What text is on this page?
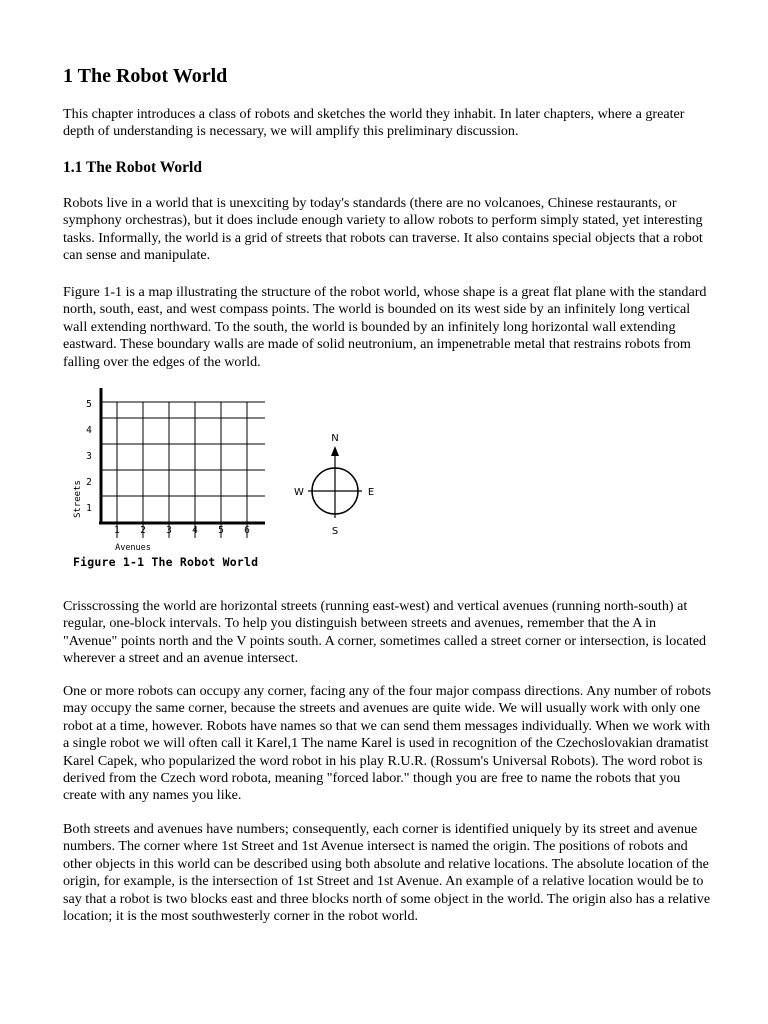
1 The Robot World

This chapter introduces a class of robots and sketches the world they inhabit. In later chapters, where a greater depth of understanding is necessary, we will amplify this preliminary discussion.

1.1 The Robot World

Robots live in a world that is unexciting by today's standards (there are no volcanoes, Chinese restaurants, or symphony orchestras), but it does include enough variety to allow robots to perform simply stated, yet interesting tasks. Informally, the world is a grid of streets that robots can traverse. It also contains special objects that a robot can sense and manipulate.

Figure 1-1 is a map illustrating the structure of the robot world, whose shape is a great flat plane with the standard north, south, east, and west compass points. The world is bounded on its west side by an infinitely long vertical wall extending northward. To the south, the world is bounded by an infinitely long horizontal wall extending eastward. These boundary walls are made of solid neutronium, an impenetrable metal that restrains robots from falling over the edges of the world.

1
2
3
4
5
1 2 3 4 5 6
Streets
Avenues
N
S
W	E
Figure 1-1 The Robot World

Crisscrossing the world are horizontal streets (running east-west) and vertical avenues (running north-south) at regular, one-block intervals. To help you distinguish between streets and avenues, remember that the A in "Avenue" points north and the V points south. A corner, sometimes called a street corner or intersection, is located wherever a street and an avenue intersect.

One or more robots can occupy any corner, facing any of the four major compass directions. Any number of robots may occupy the same corner, because the streets and avenues are quite wide. We will usually work with only one robot at a time, however. Robots have names so that we can send them messages individually. When we work with a single robot we will often call it Karel,1 The name Karel is used in recognition of the Czechoslovakian dramatist Karel Capek, who popularized the word robot in his play R.U.R. (Rossum's Universal Robots). The word robot is derived from the Czech word robota, meaning "forced labor." though you are free to name the robots that you create with any names you like.

Both streets and avenues have numbers; consequently, each corner is identified uniquely by its street and avenue numbers. The corner where 1st Street and 1st Avenue intersect is named the origin. The positions of robots and other objects in this world can be described using both absolute and relative locations. The absolute location of the origin, for example, is the intersection of 1st Street and 1st Avenue. An example of a relative location would be to say that a robot is two blocks east and three blocks north of some object in the world. The origin also has a relative location; it is the most southwesterly corner in the robot world.
